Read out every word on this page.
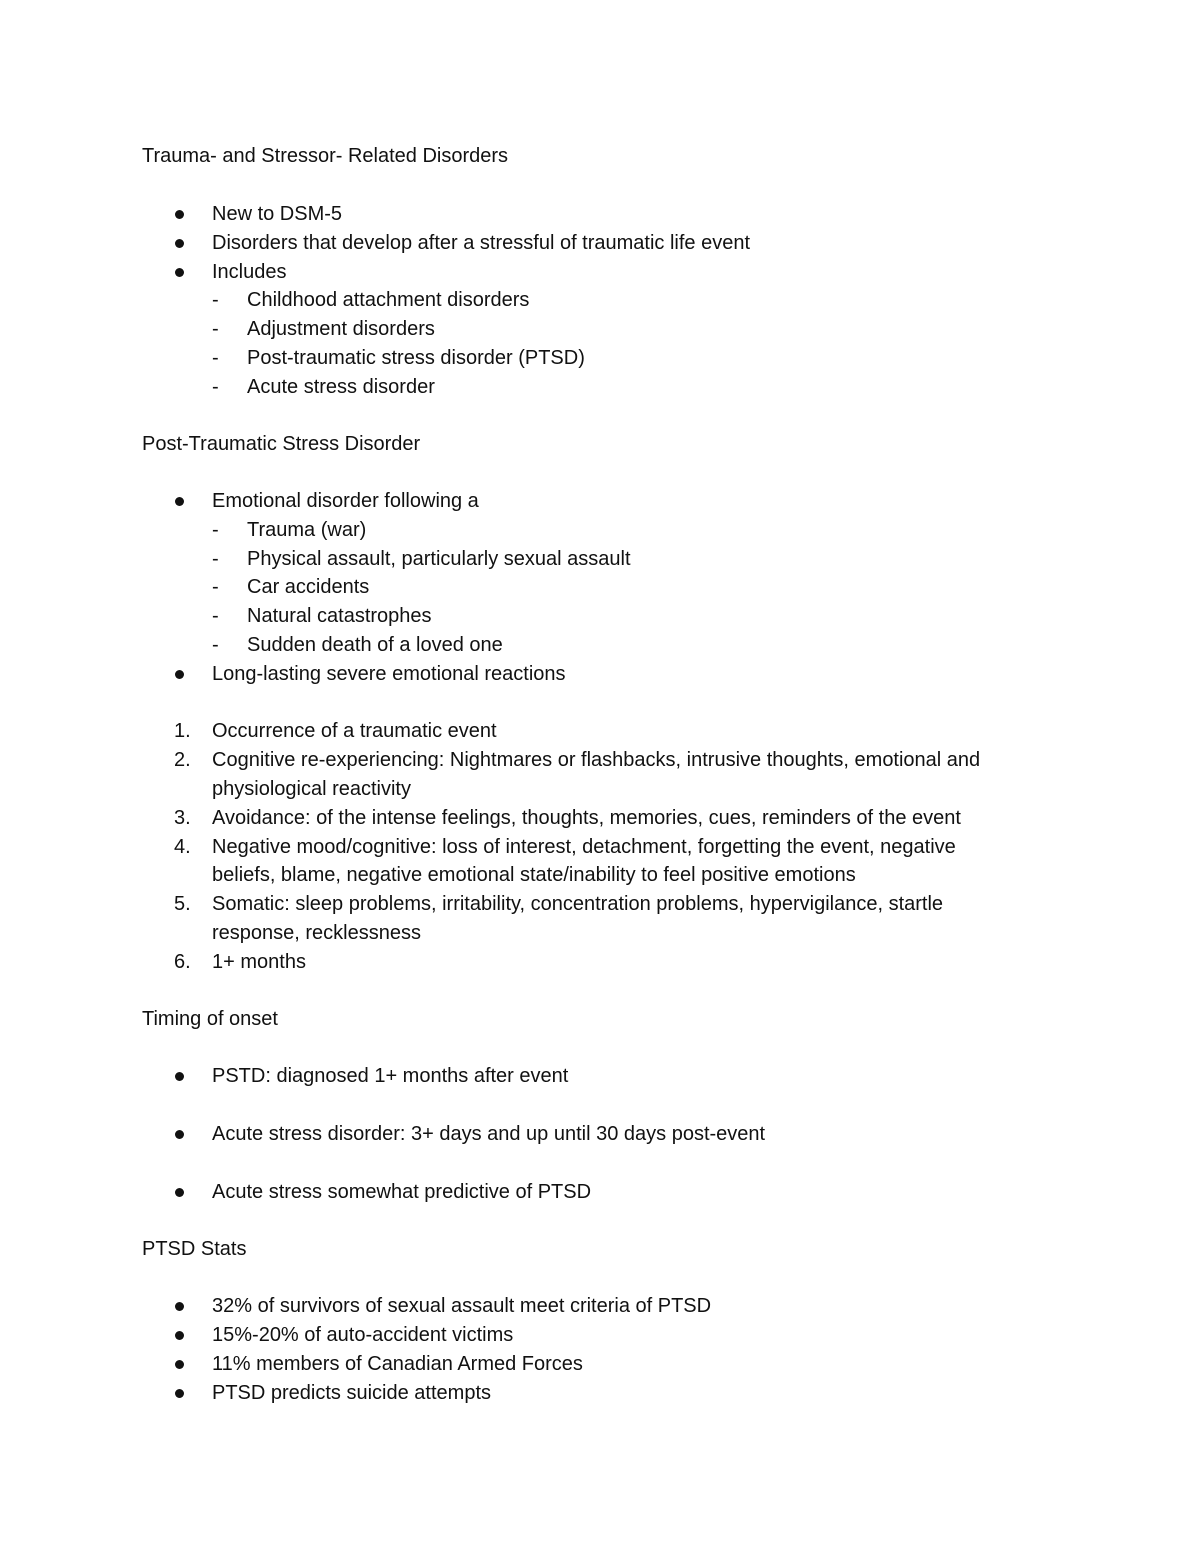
Trauma- and Stressor- Related Disorders
New to DSM-5
Disorders that develop after a stressful of traumatic life event
Includes
- Childhood attachment disorders
- Adjustment disorders
- Post-traumatic stress disorder (PTSD)
- Acute stress disorder
Post-Traumatic Stress Disorder
Emotional disorder following a
- Trauma (war)
- Physical assault, particularly sexual assault
- Car accidents
- Natural catastrophes
- Sudden death of a loved one
Long-lasting severe emotional reactions
1. Occurrence of a traumatic event
2. Cognitive re-experiencing: Nightmares or flashbacks, intrusive thoughts, emotional and
physiological reactivity
3. Avoidance: of the intense feelings, thoughts, memories, cues, reminders of the event
4. Negative mood/cognitive: loss of interest, detachment, forgetting the event, negative
beliefs, blame, negative emotional state/inability to feel positive emotions
5. Somatic: sleep problems, irritability, concentration problems, hypervigilance, startle
response, recklessness
6. 1+ months
Timing of onset
PSTD: diagnosed 1+ months after event
Acute stress disorder: 3+ days and up until 30 days post-event
Acute stress somewhat predictive of PTSD
PTSD Stats
32% of survivors of sexual assault meet criteria of PTSD
15%-20% of auto-accident victims
11% members of Canadian Armed Forces
PTSD predicts suicide attempts
